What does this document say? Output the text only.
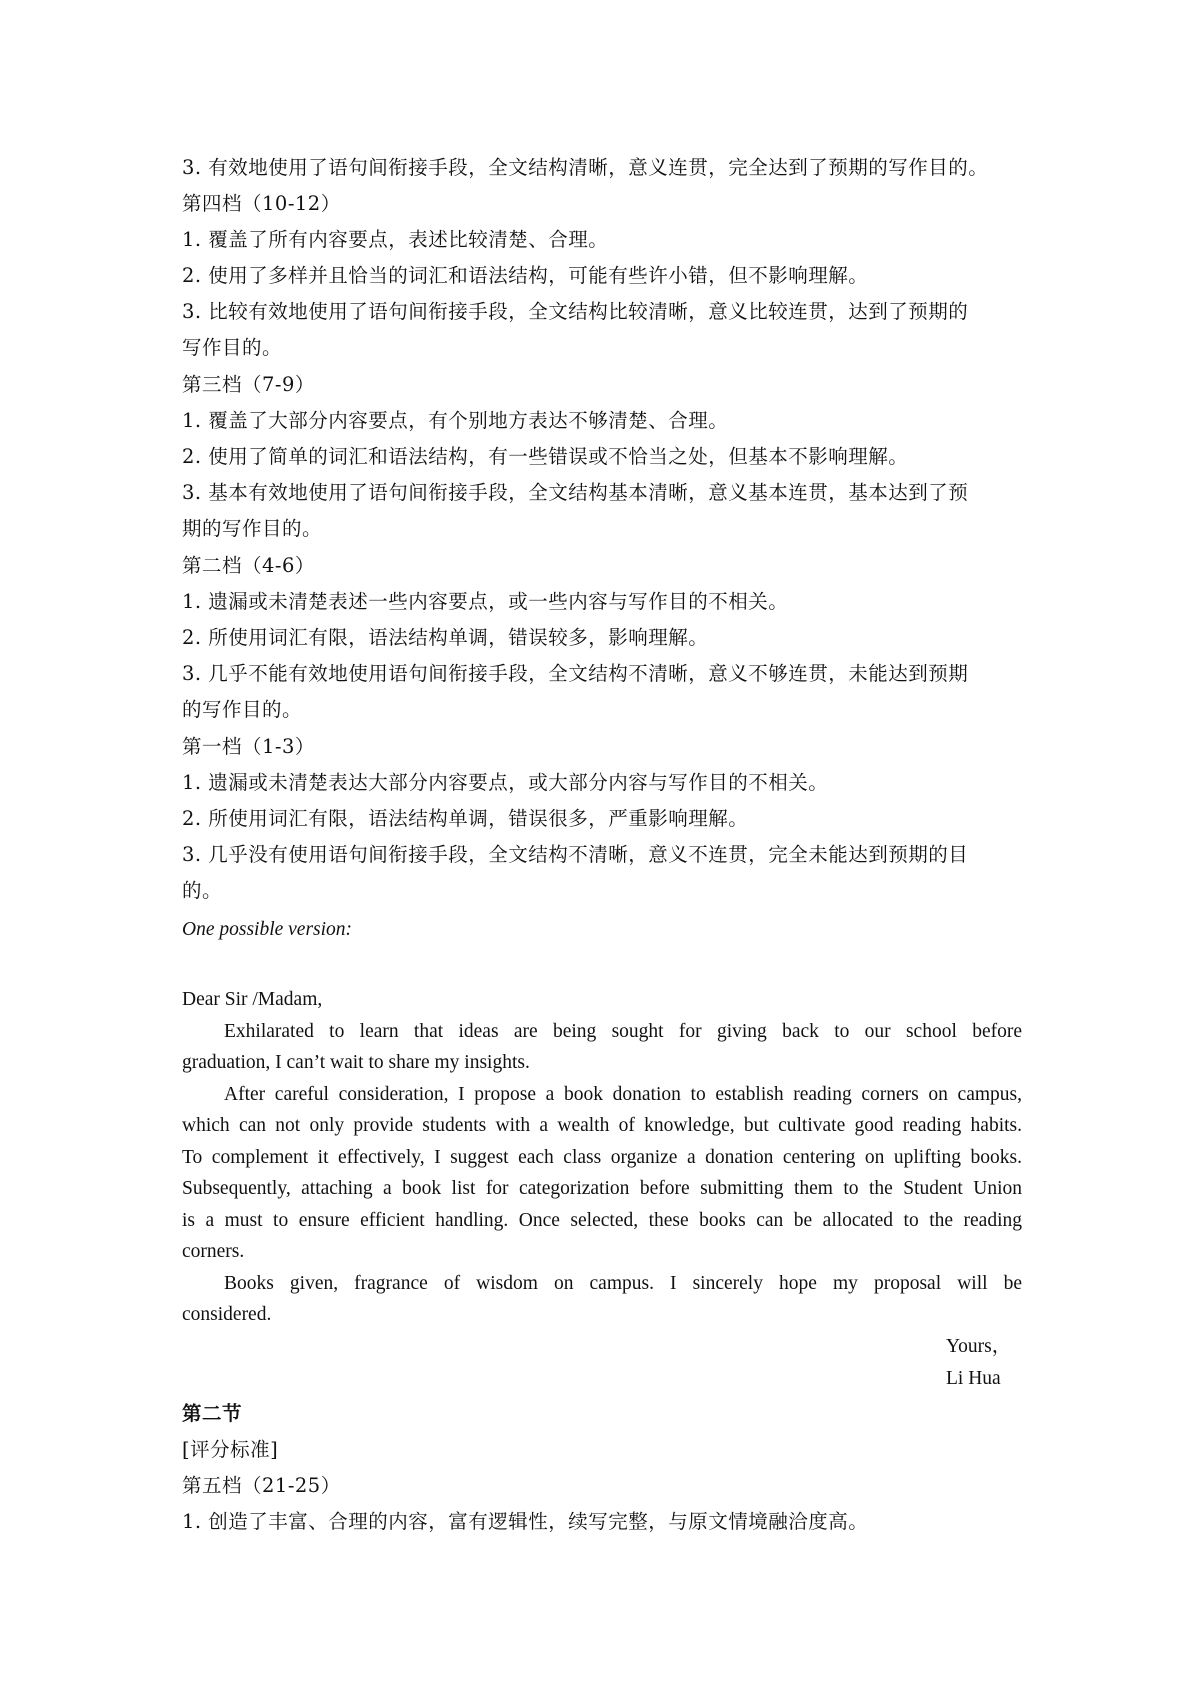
3. 有效地使用了语句间衔接手段，全文结构清晰，意义连贯，完全达到了预期的写作目的。
第四档（10-12）
1. 覆盖了所有内容要点，表述比较清楚、合理。
2. 使用了多样并且恰当的词汇和语法结构，可能有些许小错，但不影响理解。
3. 比较有效地使用了语句间衔接手段，全文结构比较清晰，意义比较连贯，达到了预期的
写作目的。
第三档（7-9）
1. 覆盖了大部分内容要点，有个别地方表达不够清楚、合理。
2. 使用了简单的词汇和语法结构，有一些错误或不恰当之处，但基本不影响理解。
3. 基本有效地使用了语句间衔接手段，全文结构基本清晰，意义基本连贯，基本达到了预
期的写作目的。
第二档（4-6）
1. 遗漏或未清楚表述一些内容要点，或一些内容与写作目的不相关。
2. 所使用词汇有限，语法结构单调，错误较多，影响理解。
3. 几乎不能有效地使用语句间衔接手段，全文结构不清晰，意义不够连贯，未能达到预期
的写作目的。
第一档（1-3）
1. 遗漏或未清楚表达大部分内容要点，或大部分内容与写作目的不相关。
2. 所使用词汇有限，语法结构单调，错误很多，严重影响理解。
3. 几乎没有使用语句间衔接手段，全文结构不清晰，意义不连贯，完全未能达到预期的目
的。
One possible version:
Dear Sir /Madam,
Exhilarated to learn that ideas are being sought for giving back to our school before
graduation, I can’t wait to share my insights.
After careful consideration, I propose a book donation to establish reading corners on campus,
which can not only provide students with a wealth of knowledge, but cultivate good reading habits.
To complement it effectively, I suggest each class organize a donation centering on uplifting books.
Subsequently, attaching a book list for categorization before submitting them to the Student Union
is a must to ensure efficient handling. Once selected, these books can be allocated to the reading
corners.
Books given, fragrance of wisdom on campus. I sincerely hope my proposal will be
considered.
Yours，
Li Hua
第二节
[评分标准]
第五档（21-25）
1. 创造了丰富、合理的内容，富有逻辑性，续写完整，与原文情境融洽度高。
